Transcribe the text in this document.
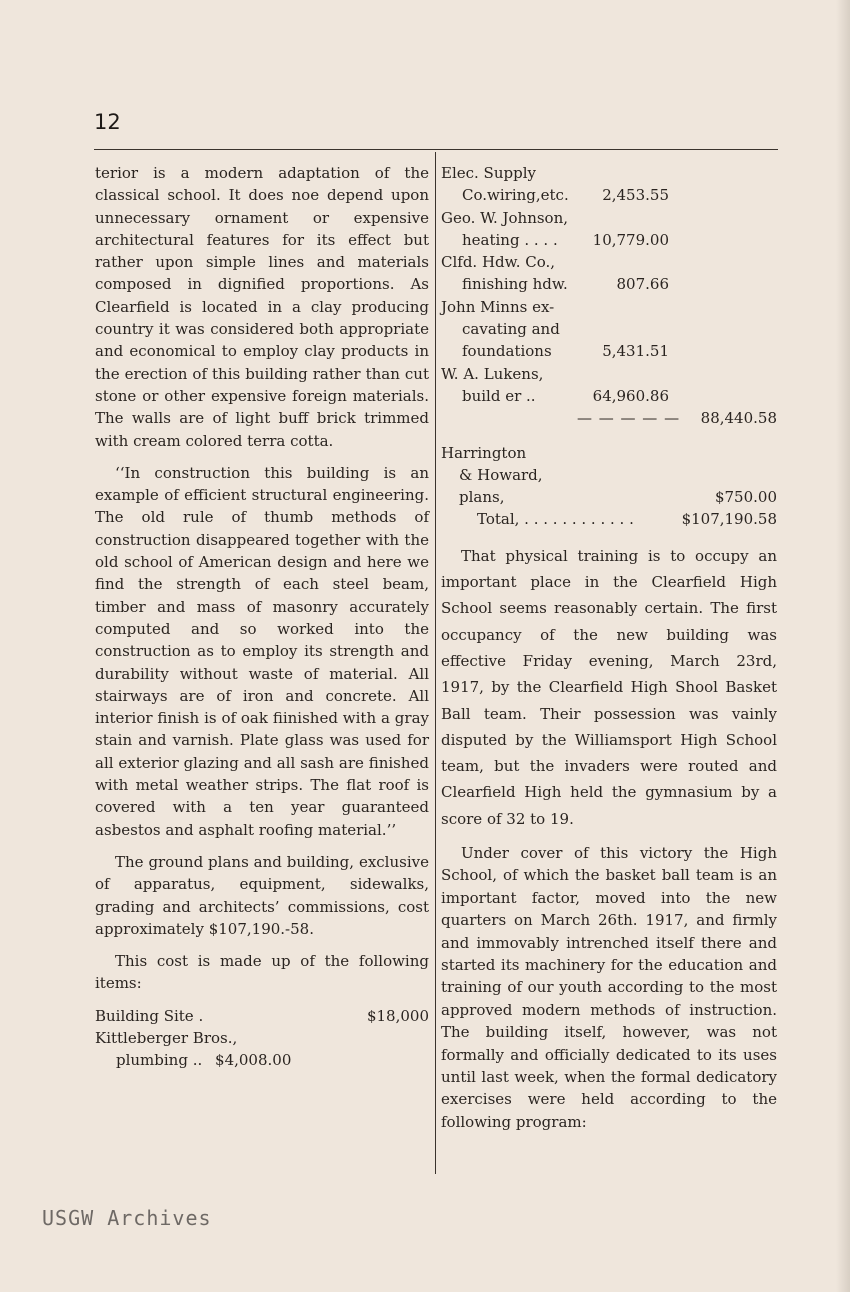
12

terior is a modern adaptation of the classical school. It does noe depend upon unnecessary ornament or expensive architectural features for its effect but rather upon simple lines and materials composed in dignified proportions. As Clearfield is located in a clay producing country it was considered both appropriate and economical to employ clay products in the erection of this building rather than cut stone or other expensive foreign materials. The walls are of light buff brick trimmed with cream colored terra cotta.

‘‘In construction this building is an example of efficient structural engineering. The old rule of thumb methods of construction disappeared together with the old school of American design and here we find the strength of each steel beam, timber and mass of masonry accurately computed and so worked into the construction as to employ its strength and durability without waste of material. All stairways are of iron and concrete. All interior finish is of oak fiinished with a gray stain and varnish. Plate glass was used for all exterior glazing and all sash are finished with metal weather strips. The flat roof is covered with a ten year guaranteed asbestos and asphalt roofing material.’’

The ground plans and building, exclusive of apparatus, equipment, sidewalks, grading and architects’ commissions, cost approximately $107,190.-58.

This cost is made up of the following items:

Building Site .	$18,000
Kittleberger Bros.,
plumbing .. $4,008.00
Elec. Supply
Co.wiring,etc. 2,453.55
Geo. W. Johnson,
heating . . . . 10,779.00
Clfd. Hdw. Co.,
finishing hdw.	807.66
John Minns ex-
cavating and
foundations	5,431.51
W. A. Lukens,
build er ..	64,960.86
— — — — — 88,440.58
Harrington
& Howard,
plans,	$750.00
Total, . . . . . . . . . . . .	$107,190.58

That physical training is to occupy an important place in the Clearfield High School seems reasonably certain. The first occupancy of the new building was effective Friday evening, March 23rd, 1917, by the Clearfield High Shool Basket Ball team. Their possession was vainly disputed by the Williamsport High School team, but the invaders were routed and Clearfield High held the gymnasium by a score of 32 to 19.

Under cover of this victory the High School, of which the basket ball team is an important factor, moved into the new quarters on March 26th. 1917, and firmly and immovably intrenched itself there and started its machinery for the education and training of our youth according to the most approved modern methods of instruction. The building itself, however, was not formally and officially dedicated to its uses until last week, when the formal dedicatory exercises were held according to the following program:

USGW Archives
